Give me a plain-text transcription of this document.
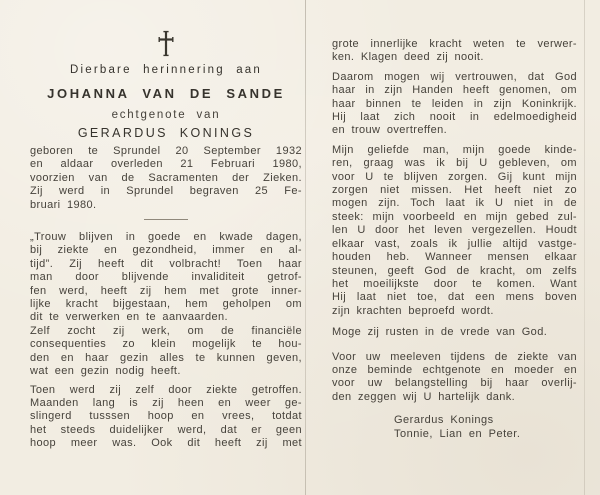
Dierbare herinnering aan
JOHANNA VAN DE SANDE
echtgenote van
GERARDUS KONINGS
geboren te Sprundel 20 September 1932
en aldaar overleden 21 Februari 1980,
voorzien van de Sacramenten der Zieken.
Zij werd in Sprundel begraven 25 Fe-
bruari 1980.
„Trouw blijven in goede en kwade dagen,
bij ziekte en gezondheid, immer en al-
tijd”. Zij heeft dit volbracht! Toen haar
man door blijvende invaliditeit getrof-
fen werd, heeft zij hem met grote inner-
lijke kracht bijgestaan, hem geholpen om
dit te verwerken en te aanvaarden.
Zelf zocht zij werk, om de financiële
consequenties zo klein mogelijk te hou-
den en haar gezin alles te kunnen geven,
wat een gezin nodig heeft.
Toen werd zij zelf door ziekte getroffen.
Maanden lang is zij heen en weer ge-
slingerd tusssen hoop en vrees, totdat
het steeds duidelijker werd, dat er geen
hoop meer was. Ook dit heeft zij met
grote innerlijke kracht weten te verwer-
ken. Klagen deed zij nooit.
Daarom mogen wij vertrouwen, dat God
haar in zijn Handen heeft genomen, om
haar binnen te leiden in zijn Koninkrijk.
Hij laat zich nooit in edelmoedigheid
en trouw overtreffen.
Mijn geliefde man, mijn goede kinde-
ren, graag was ik bij U gebleven, om
voor U te blijven zorgen. Gij kunt mijn
zorgen niet missen. Het heeft niet zo
mogen zijn. Toch laat ik U niet in de
steek: mijn voorbeeld en mijn gebed zul-
len U door het leven vergezellen. Houdt
elkaar vast, zoals ik jullie altijd vastge-
houden heb. Wanneer mensen elkaar
steunen, geeft God de kracht, om zelfs
het moeilijkste door te komen. Want
Hij laat niet toe, dat een mens boven
zijn krachten beproefd wordt.
Moge zij rusten in de vrede van God.
Voor uw meeleven tijdens de ziekte van
onze beminde echtgenote en moeder en
voor uw belangstelling bij haar overlij-
den zeggen wij U hartelijk dank.
Gerardus Konings
Tonnie, Lian en Peter.
